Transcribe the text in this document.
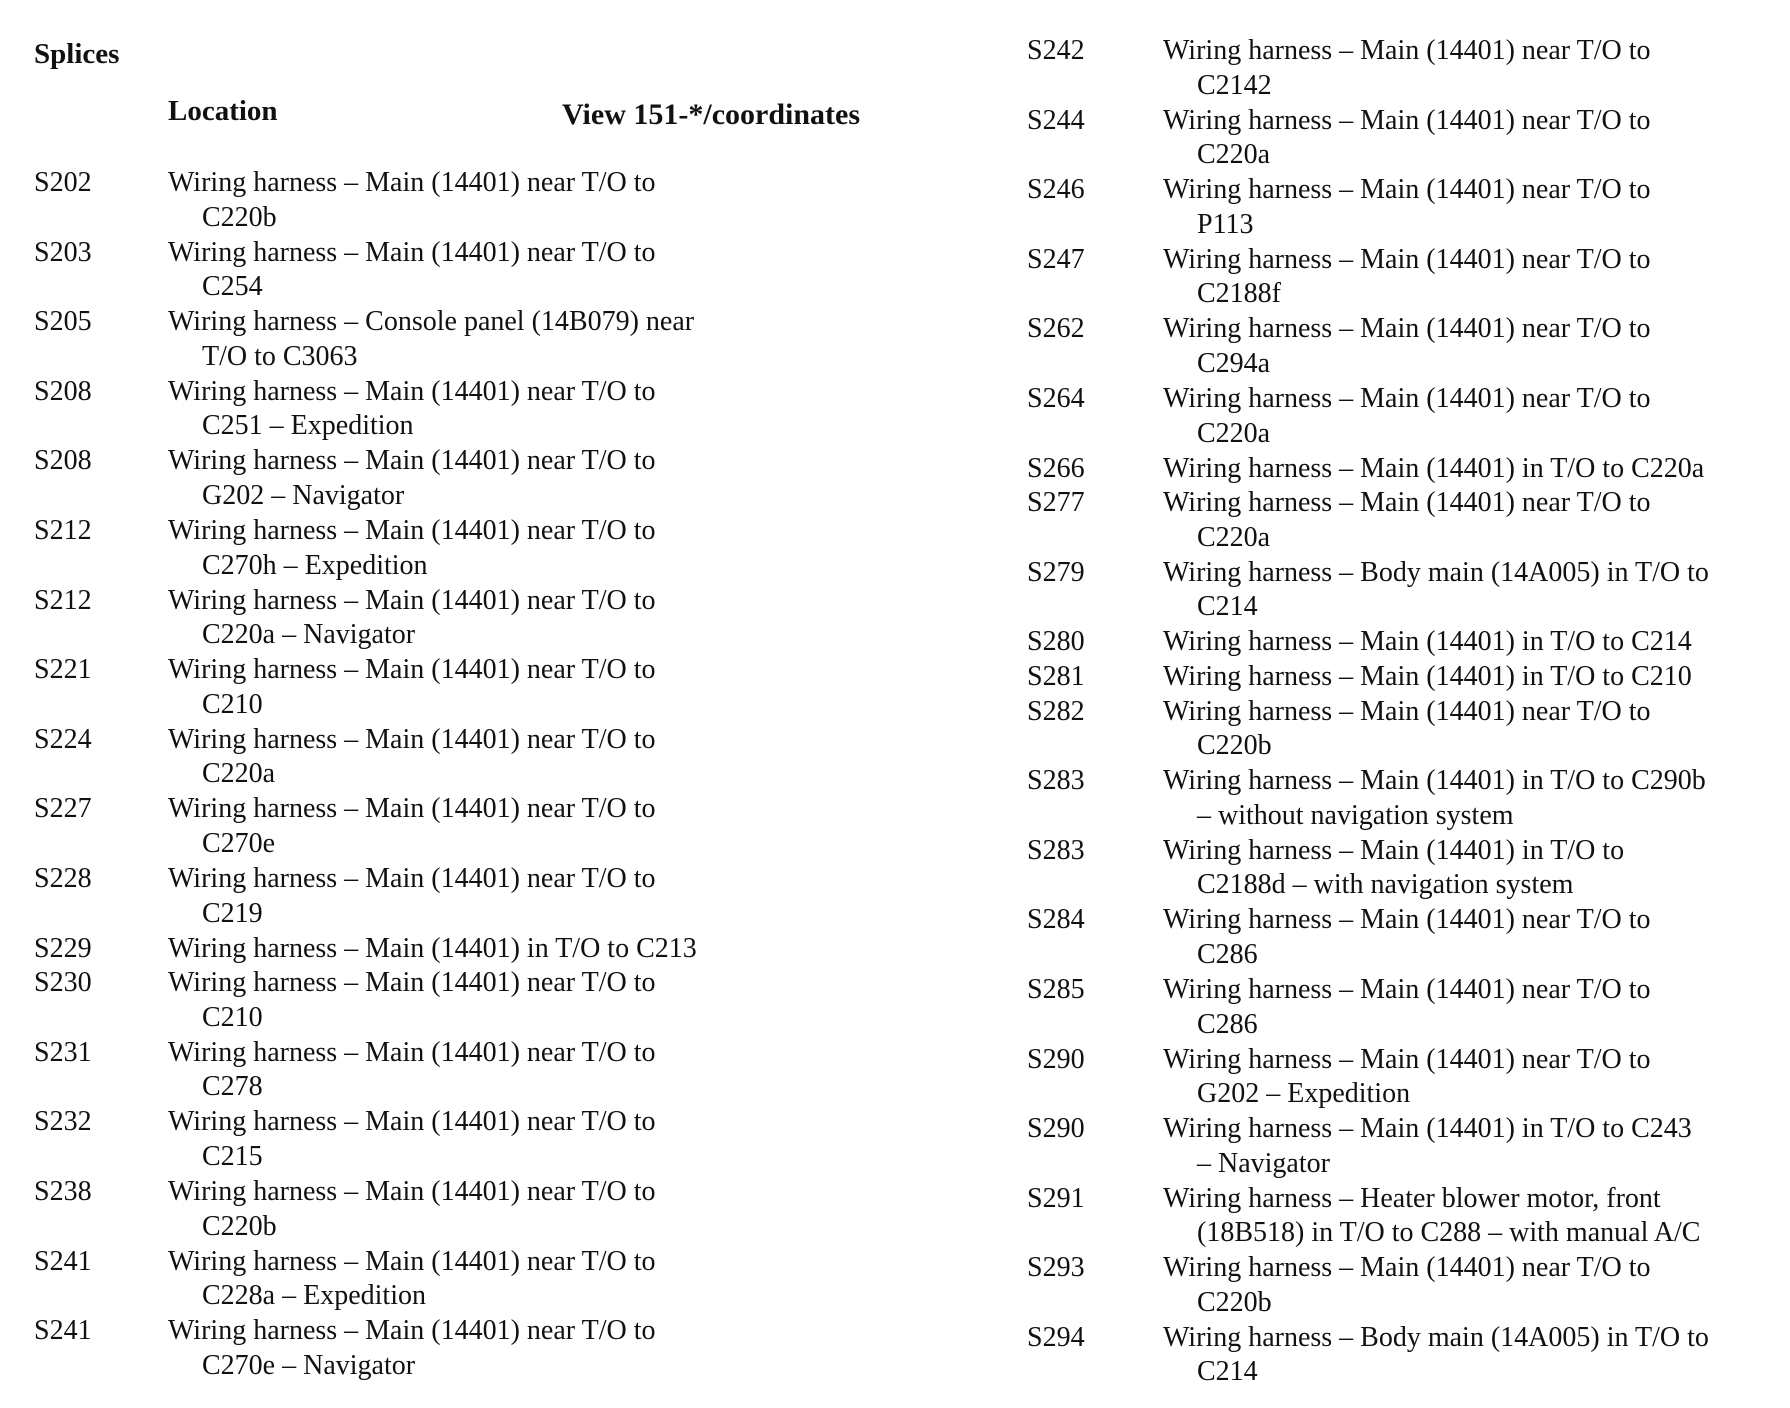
Splices
Location	View 151-*/coordinates
S202	Wiring harness – Main (14401) near T/O to
C220b
S203	Wiring harness – Main (14401) near T/O to
C254
S205	Wiring harness – Console panel (14B079) near
T/O to C3063
S208	Wiring harness – Main (14401) near T/O to
C251 – Expedition
S208	Wiring harness – Main (14401) near T/O to
G202 – Navigator
S212	Wiring harness – Main (14401) near T/O to
C270h – Expedition
S212	Wiring harness – Main (14401) near T/O to
C220a – Navigator
S221	Wiring harness – Main (14401) near T/O to
C210
S224	Wiring harness – Main (14401) near T/O to
C220a
S227	Wiring harness – Main (14401) near T/O to
C270e
S228	Wiring harness – Main (14401) near T/O to
C219
S229	Wiring harness – Main (14401) in T/O to C213
S230	Wiring harness – Main (14401) near T/O to
C210
S231	Wiring harness – Main (14401) near T/O to
C278
S232	Wiring harness – Main (14401) near T/O to
C215
S238	Wiring harness – Main (14401) near T/O to
C220b
S241	Wiring harness – Main (14401) near T/O to
C228a – Expedition
S241	Wiring harness – Main (14401) near T/O to
C270e – Navigator
S242	Wiring harness – Main (14401) near T/O to
C2142
S244	Wiring harness – Main (14401) near T/O to
C220a
S246	Wiring harness – Main (14401) near T/O to
P113
S247	Wiring harness – Main (14401) near T/O to
C2188f
S262	Wiring harness – Main (14401) near T/O to
C294a
S264	Wiring harness – Main (14401) near T/O to
C220a
S266	Wiring harness – Main (14401) in T/O to C220a
S277	Wiring harness – Main (14401) near T/O to
C220a
S279	Wiring harness – Body main (14A005) in T/O to
C214
S280	Wiring harness – Main (14401) in T/O to C214
S281	Wiring harness – Main (14401) in T/O to C210
S282	Wiring harness – Main (14401) near T/O to
C220b
S283	Wiring harness – Main (14401) in T/O to C290b
– without navigation system
S283	Wiring harness – Main (14401) in T/O to
C2188d – with navigation system
S284	Wiring harness – Main (14401) near T/O to
C286
S285	Wiring harness – Main (14401) near T/O to
C286
S290	Wiring harness – Main (14401) near T/O to
G202 – Expedition
S290	Wiring harness – Main (14401) in T/O to C243
– Navigator
S291	Wiring harness – Heater blower motor, front
(18B518) in T/O to C288 – with manual A/C
S293	Wiring harness – Main (14401) near T/O to
C220b
S294	Wiring harness – Body main (14A005) in T/O to
C214
